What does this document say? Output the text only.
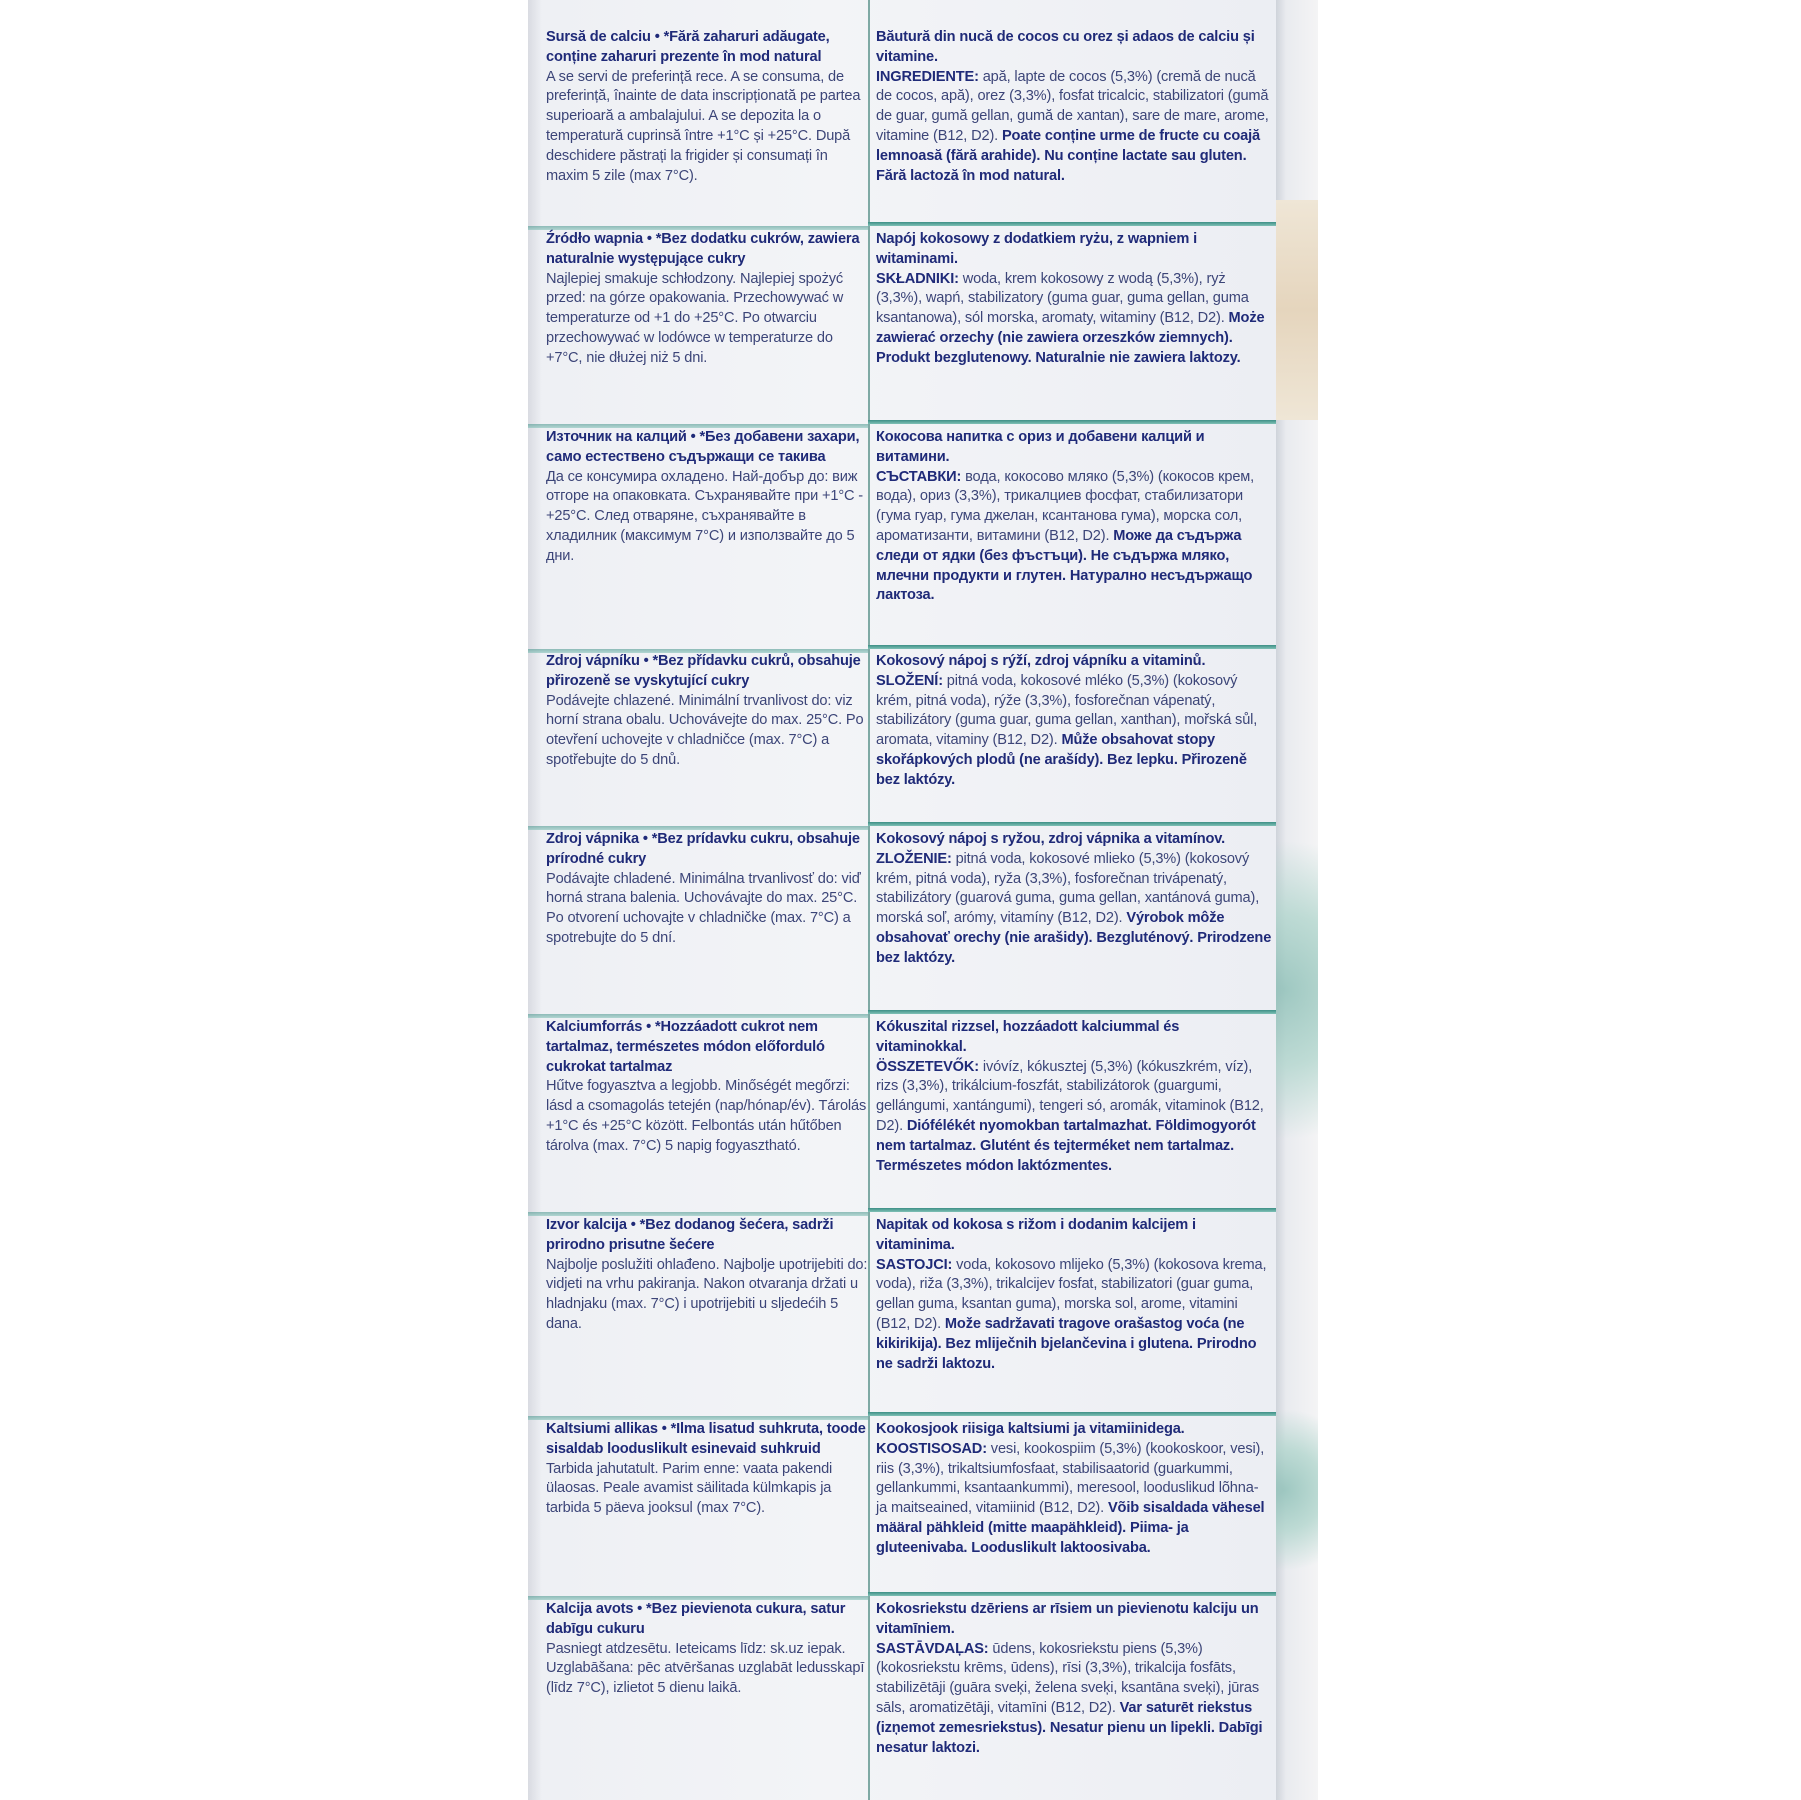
Sursă de calciu • *Fără zaharuri adăugate, conține zaharuri prezente în mod natural
A se servi de preferință rece. A se consuma, de preferință, înainte de data inscripționată pe partea superioară a ambalajului. A se depozita la o temperatură cuprinsă între +1°C și +25°C. După deschidere păstrați la frigider și consumați în maxim 5 zile (max 7°C).
Băutură din nucă de cocos cu orez și adaos de calciu și vitamine.
INGREDIENTE: apă, lapte de cocos (5,3%) (cremă de nucă de cocos, apă), orez (3,3%), fosfat tricalcic, stabilizatori (gumă de guar, gumă gellan, gumă de xantan), sare de mare, arome, vitamine (B12, D2). Poate conține urme de fructe cu coajă lemnoasă (fără arahide). Nu conține lactate sau gluten. Fără lactoză în mod natural.
Źródło wapnia • *Bez dodatku cukrów, zawiera naturalnie występujące cukry
Najlepiej smakuje schłodzony. Najlepiej spożyć przed: na górze opakowania. Przechowywać w temperaturze od +1 do +25°C. Po otwarciu przechowywać w lodówce w temperaturze do +7°C, nie dłużej niż 5 dni.
Napój kokosowy z dodatkiem ryżu, z wapniem i witaminami.
SKŁADNIKI: woda, krem kokosowy z wodą (5,3%), ryż (3,3%), wapń, stabilizatory (guma guar, guma gellan, guma ksantanowa), sól morska, aromaty, witaminy (B12, D2). Może zawierać orzechy (nie zawiera orzeszków ziemnych). Produkt bezglutenowy. Naturalnie nie zawiera laktozy.
Източник на калций • *Без добавени захари, само естествено съдържащи се такива
Да се консумира охладено. Най-добър до: виж отгоре на опаковката. Съхранявайте при +1°C - +25°C. След отваряне, съхранявайте в хладилник (максимум 7°C) и използвайте до 5 дни.
Кокосова напитка с ориз и добавени калций и витамини.
СЪСТАВКИ: вода, кокосово мляко (5,3%) (кокосов крем, вода), ориз (3,3%), трикалциев фосфат, стабилизатори (гума гуар, гума джелан, ксантанова гума), морска сол, ароматизанти, витамини (B12, D2). Може да съдържа следи от ядки (без фъстъци). Не съдържа мляко, млечни продукти и глутен. Натурално несъдържащо лактоза.
Zdroj vápníku • *Bez přídavku cukrů, obsahuje přirozeně se vyskytující cukry
Podávejte chlazené. Minimální trvanlivost do: viz horní strana obalu. Uchovávejte do max. 25°C. Po otevření uchovejte v chladničce (max. 7°C) a spotřebujte do 5 dnů.
Kokosový nápoj s rýží, zdroj vápníku a vitaminů.
SLOŽENÍ: pitná voda, kokosové mléko (5,3%) (kokosový krém, pitná voda), rýže (3,3%), fosforečnan vápenatý, stabilizátory (guma guar, guma gellan, xanthan), mořská sůl, aromata, vitaminy (B12, D2). Může obsahovat stopy skořápkových plodů (ne arašídy). Bez lepku. Přirozeně bez laktózy.
Zdroj vápnika • *Bez prídavku cukru, obsahuje prírodné cukry
Podávajte chladené. Minimálna trvanlivosť do: viď horná strana balenia. Uchovávajte do max. 25°C. Po otvorení uchovajte v chladničke (max. 7°C) a spotrebujte do 5 dní.
Kokosový nápoj s ryžou, zdroj vápnika a vitamínov.
ZLOŽENIE: pitná voda, kokosové mlieko (5,3%) (kokosový krém, pitná voda), ryža (3,3%), fosforečnan trivápenatý, stabilizátory (guarová guma, guma gellan, xantánová guma), morská soľ, arómy, vitamíny (B12, D2). Výrobok môže obsahovať orechy (nie arašidy). Bezgluténový. Prirodzene bez laktózy.
Kalciumforrás • *Hozzáadott cukrot nem tartalmaz, természetes módon előforduló cukrokat tartalmaz
Hűtve fogyasztva a legjobb. Minőségét megőrzi: lásd a csomagolás tetején (nap/hónap/év). Tárolás +1°C és +25°C között. Felbontás után hűtőben tárolva (max. 7°C) 5 napig fogyasztható.
Kókuszital rizzsel, hozzáadott kalciummal és vitaminokkal.
ÖSSZETEVŐK: ivóvíz, kókusztej (5,3%) (kókuszkrém, víz), rizs (3,3%), trikálcium-foszfát, stabilizátorok (guargumi, gellángumi, xantángumi), tengeri só, aromák, vitaminok (B12, D2). Diófélékét nyomokban tartalmazhat. Földimogyorót nem tartalmaz. Glutént és tejterméket nem tartalmaz. Természetes módon laktózmentes.
Izvor kalcija • *Bez dodanog šećera, sadrži prirodno prisutne šećere
Najbolje poslužiti ohlađeno. Najbolje upotrijebiti do: vidjeti na vrhu pakiranja. Nakon otvaranja držati u hladnjaku (max. 7°C) i upotrijebiti u sljedećih 5 dana.
Napitak od kokosa s rižom i dodanim kalcijem i vitaminima.
SASTOJCI: voda, kokosovo mlijeko (5,3%) (kokosova krema, voda), riža (3,3%), trikalcijev fosfat, stabilizatori (guar guma, gellan guma, ksantan guma), morska sol, arome, vitamini (B12, D2). Može sadržavati tragove orašastog voća (ne kikirikija). Bez mliječnih bjelančevina i glutena. Prirodno ne sadrži laktozu.
Kaltsiumi allikas • *Ilma lisatud suhkruta, toode sisaldab looduslikult esinevaid suhkruid
Tarbida jahutatult. Parim enne: vaata pakendi ülaosas. Peale avamist säilitada külmkapis ja tarbida 5 päeva jooksul (max 7°C).
Kookosjook riisiga kaltsiumi ja vitamiinidega.
KOOSTISOSAD: vesi, kookospiim (5,3%) (kookoskoor, vesi), riis (3,3%), trikaltsiumfosfaat, stabilisaatorid (guarkummi, gellankummi, ksantaankummi), meresool, looduslikud lõhna- ja maitseained, vitamiinid (B12, D2). Võib sisaldada vähesel määral pähkleid (mitte maapähkleid). Piima- ja gluteenivaba. Looduslikult laktoosivaba.
Kalcija avots • *Bez pievienota cukura, satur dabīgu cukuru
Pasniegt atdzesētu. Ieteicams līdz: sk.uz iepak. Uzglabāšana: pēc atvēršanas uzglabāt ledusskapī (līdz 7°C), izlietot 5 dienu laikā.
Kokosriekstu dzēriens ar rīsiem un pievienotu kalciju un vitamīniem.
SASTĀVDAĻAS: ūdens, kokosriekstu piens (5,3%) (kokosriekstu krēms, ūdens), rīsi (3,3%), trikalcija fosfāts, stabilizētāji (guāra sveķi, želena sveķi, ksantāna sveķi), jūras sāls, aromatizētāji, vitamīni (B12, D2). Var saturēt riekstus (izņemot zemesriekstus). Nesatur pienu un lipekli. Dabīgi nesatur laktozi.
